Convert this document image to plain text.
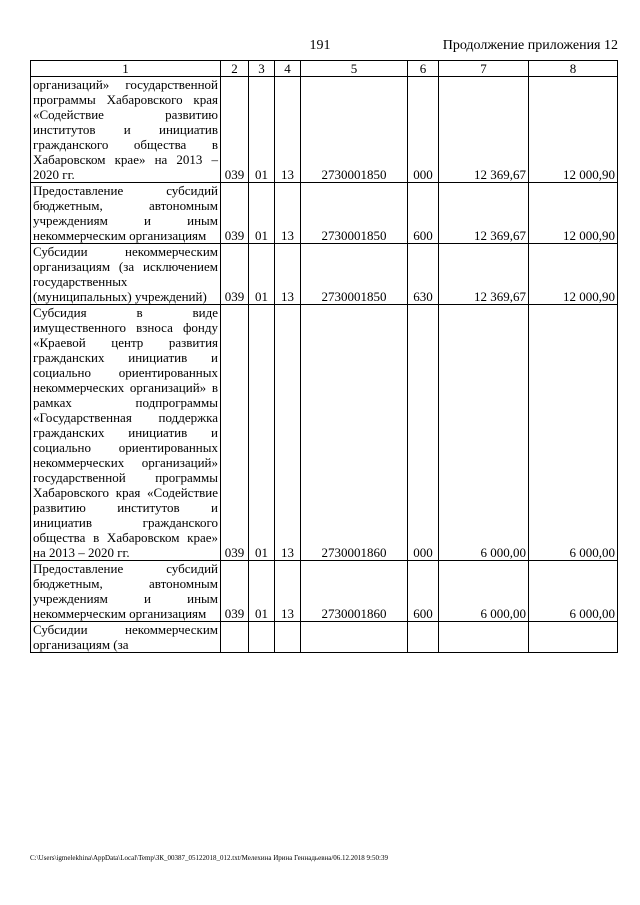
191	Продолжение приложения 12
1	2	3	4	5	6	7	8
организаций» государственной программы Хабаровского края «Содействие развитию институтов и инициатив гражданского общества в Хабаровском крае» на 2013 – 2020 гг.	039	01	13	2730001850	000	12 369,67	12 000,90
Предоставление субсидий бюджетным, автономным учреждениям и иным некоммерческим организациям	039	01	13	2730001850	600	12 369,67	12 000,90
Субсидии некоммерческим организациям (за исключением государственных (муниципальных) учреждений)	039	01	13	2730001850	630	12 369,67	12 000,90
Субсидия в виде имущественного взноса фонду «Краевой центр развития гражданских инициатив и социально ориентированных некоммерческих организаций» в рамках подпрограммы «Государственная поддержка гражданских инициатив и социально ориентированных некоммерческих организаций» государственной программы Хабаровского края «Содействие развитию институтов и инициатив гражданского общества в Хабаровском крае» на 2013 – 2020 гг.	039	01	13	2730001860	000	6 000,00	6 000,00
Предоставление субсидий бюджетным, автономным учреждениям и иным некоммерческим организациям	039	01	13	2730001860	600	6 000,00	6 000,00
Субсидии некоммерческим организациям (за							
C:\Users\igmelekhina\AppData\Local\Temp\ЗК_00387_05122018_012.txt/Мелехина Ирина Геннадьевна/06.12.2018 9:50:39
